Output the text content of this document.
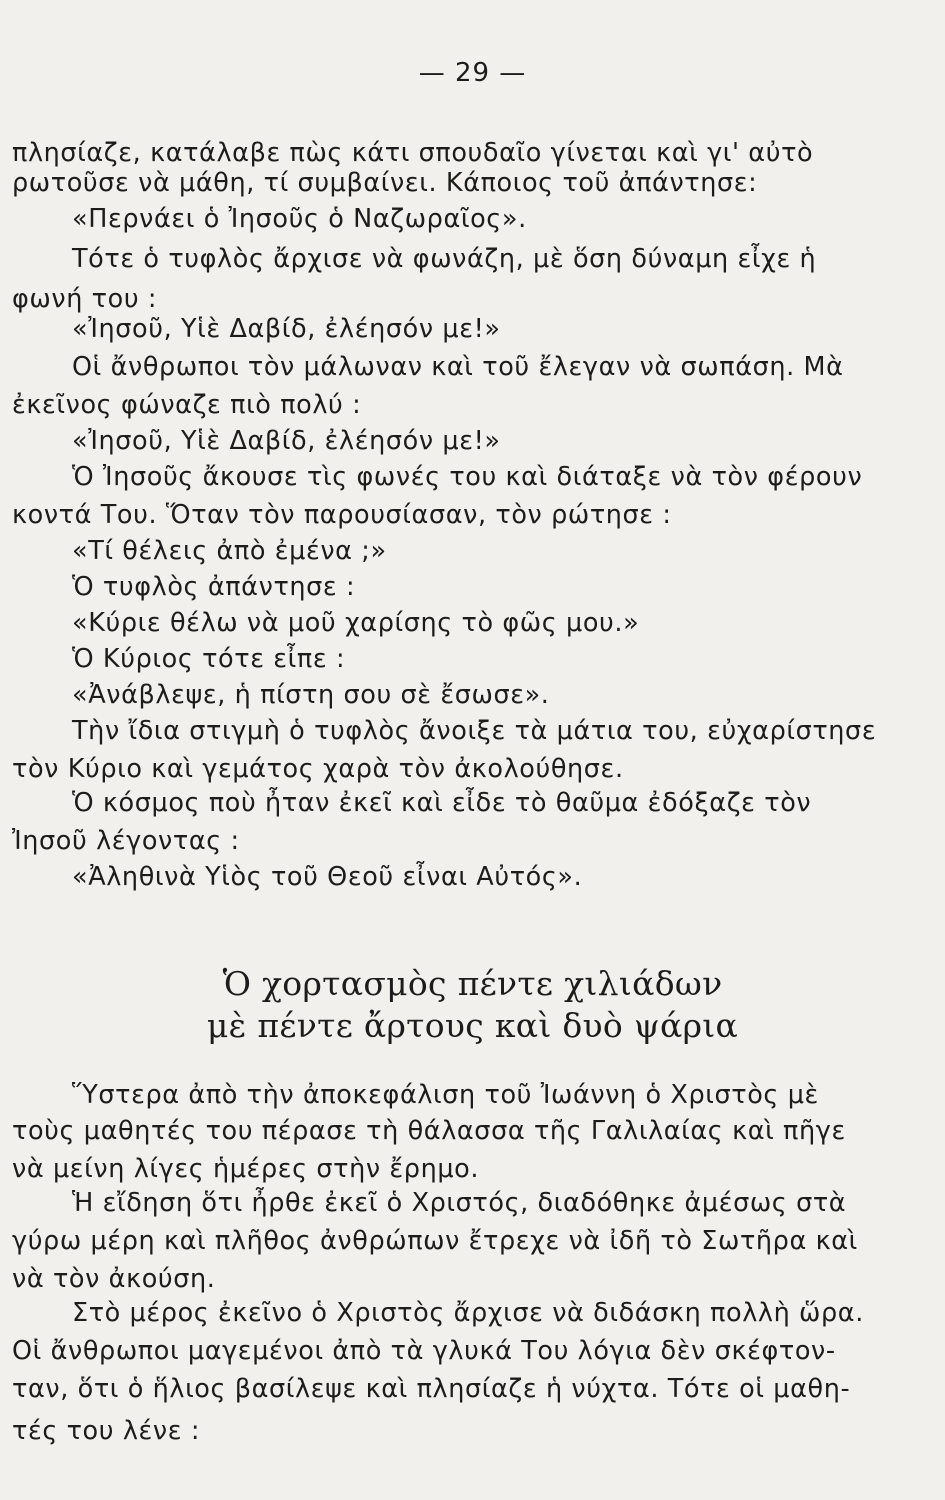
— 29 —
πλησίαζε, κατάλαβε πὼς κάτι σπουδαῖο γίνεται καὶ γι' αὐτὸ
ρωτοῦσε νὰ μάθη, τί συμβαίνει. Κάποιος τοῦ ἀπάντησε:
«Περνάει ὁ Ἰησοῦς ὁ Ναζωραῖος».
Τότε ὁ τυφλὸς ἄρχισε νὰ φωνάζη, μὲ ὅση δύναμη εἶχε ἡ
φωνή του :
«Ἰησοῦ, Υἱὲ Δαβίδ, ἐλέησόν με!»
Οἱ ἄνθρωποι τὸν μάλωναν καὶ τοῦ ἔλεγαν νὰ σωπάση. Μὰ
ἐκεῖνος φώναζε πιὸ πολύ :
«Ἰησοῦ, Υἱὲ Δαβίδ, ἐλέησόν με!»
Ὁ Ἰησοῦς ἄκουσε τὶς φωνές του καὶ διάταξε νὰ τὸν φέρουν
κοντά Του. Ὅταν τὸν παρουσίασαν, τὸν ρώτησε :
«Τί θέλεις ἀπὸ ἐμένα ;»
Ὁ τυφλὸς ἀπάντησε :
«Κύριε θέλω νὰ μοῦ χαρίσης τὸ φῶς μου.»
Ὁ Κύριος τότε εἶπε :
«Ἀνάβλεψε, ἡ πίστη σου σὲ ἔσωσε».
Τὴν ἴδια στιγμὴ ὁ τυφλὸς ἄνοιξε τὰ μάτια του, εὐχαρίστησε
τὸν Κύριο καὶ γεμάτος χαρὰ τὸν ἀκολούθησε.
Ὁ κόσμος ποὺ ἦταν ἐκεῖ καὶ εἶδε τὸ θαῦμα ἐδόξαζε τὸν
Ἰησοῦ λέγοντας :
«Ἀληθινὰ Υἱὸς τοῦ Θεοῦ εἶναι Αὐτός».
Ὁ χορτασμὸς πέντε χιλιάδων
μὲ πέντε ἄρτους καὶ δυὸ ψάρια
Ὕστερα ἀπὸ τὴν ἀποκεφάλιση τοῦ Ἰωάννη ὁ Χριστὸς μὲ
τοὺς μαθητές του πέρασε τὴ θάλασσα τῆς Γαλιλαίας καὶ πῆγε
νὰ μείνη λίγες ἡμέρες στὴν ἔρημο.
Ἡ εἴδηση ὅτι ἦρθε ἐκεῖ ὁ Χριστός, διαδόθηκε ἀμέσως στὰ
γύρω μέρη καὶ πλῆθος ἀνθρώπων ἔτρεχε νὰ ἰδῆ τὸ Σωτῆρα καὶ
νὰ τὸν ἀκούση.
Στὸ μέρος ἐκεῖνο ὁ Χριστὸς ἄρχισε νὰ διδάσκη πολλὴ ὥρα.
Οἱ ἄνθρωποι μαγεμένοι ἀπὸ τὰ γλυκά Του λόγια δὲν σκέφτον-
ταν, ὅτι ὁ ἥλιος βασίλεψε καὶ πλησίαζε ἡ νύχτα. Τότε οἱ μαθη-
τές του λένε :
